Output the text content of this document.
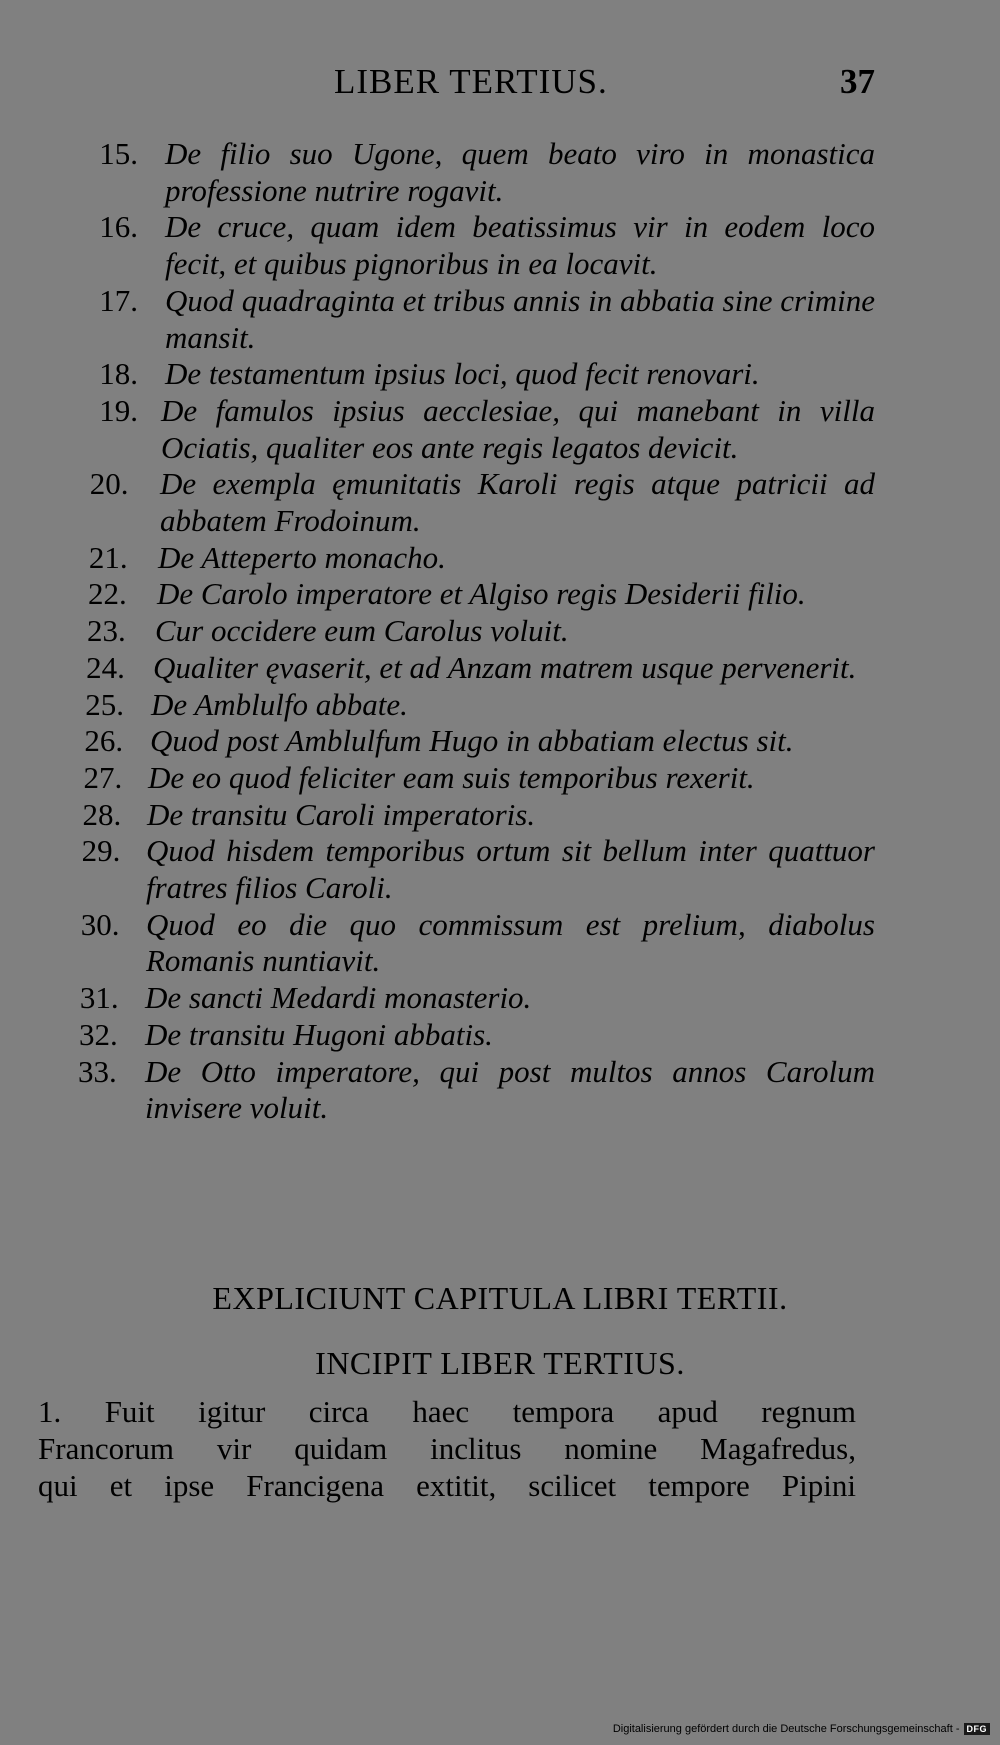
LIBER TERTIUS.	37
15. De filio suo Ugone, quem beato viro in monastica professione nutrire rogavit.
16. De cruce, quam idem beatissimus vir in eodem loco fecit, et quibus pignoribus in ea locavit.
17. Quod quadraginta et tribus annis in abbatia sine crimine mansit.
18. De testamentum ipsius loci, quod fecit renovari.
19. De famulos ipsius aecclesiae, qui manebant in villa Ociatis, qualiter eos ante regis legatos devicit.
20. De exempla ęmunitatis Karoli regis atque patricii ad abbatem Frodoinum.
21. De Atteperto monacho.
22. De Carolo imperatore et Algiso regis Desiderii filio.
23. Cur occidere eum Carolus voluit.
24. Qualiter ęvaserit, et ad Anzam matrem usque pervenerit.
25. De Amblulfo abbate.
26. Quod post Amblulfum Hugo in abbatiam electus sit.
27. De eo quod feliciter eam suis temporibus rexerit.
28. De transitu Caroli imperatoris.
29. Quod hisdem temporibus ortum sit bellum inter quattuor fratres filios Caroli.
30. Quod eo die quo commissum est prelium, diabolus Romanis nuntiavit.
31. De sancti Medardi monasterio.
32. De transitu Hugoni abbatis.
33. De Otto imperatore, qui post multos annos Carolum invisere voluit.
EXPLICIUNT CAPITULA LIBRI TERTII.
INCIPIT LIBER TERTIUS.

1. Fuit igitur circa haec tempora apud regnum
Francorum vir quidam inclitus nomine Magafredus,
qui et ipse Francigena extitit, scilicet tempore Pipini

Digitalisierung gefördert durch die Deutsche Forschungsgemeinschaft - DFG
